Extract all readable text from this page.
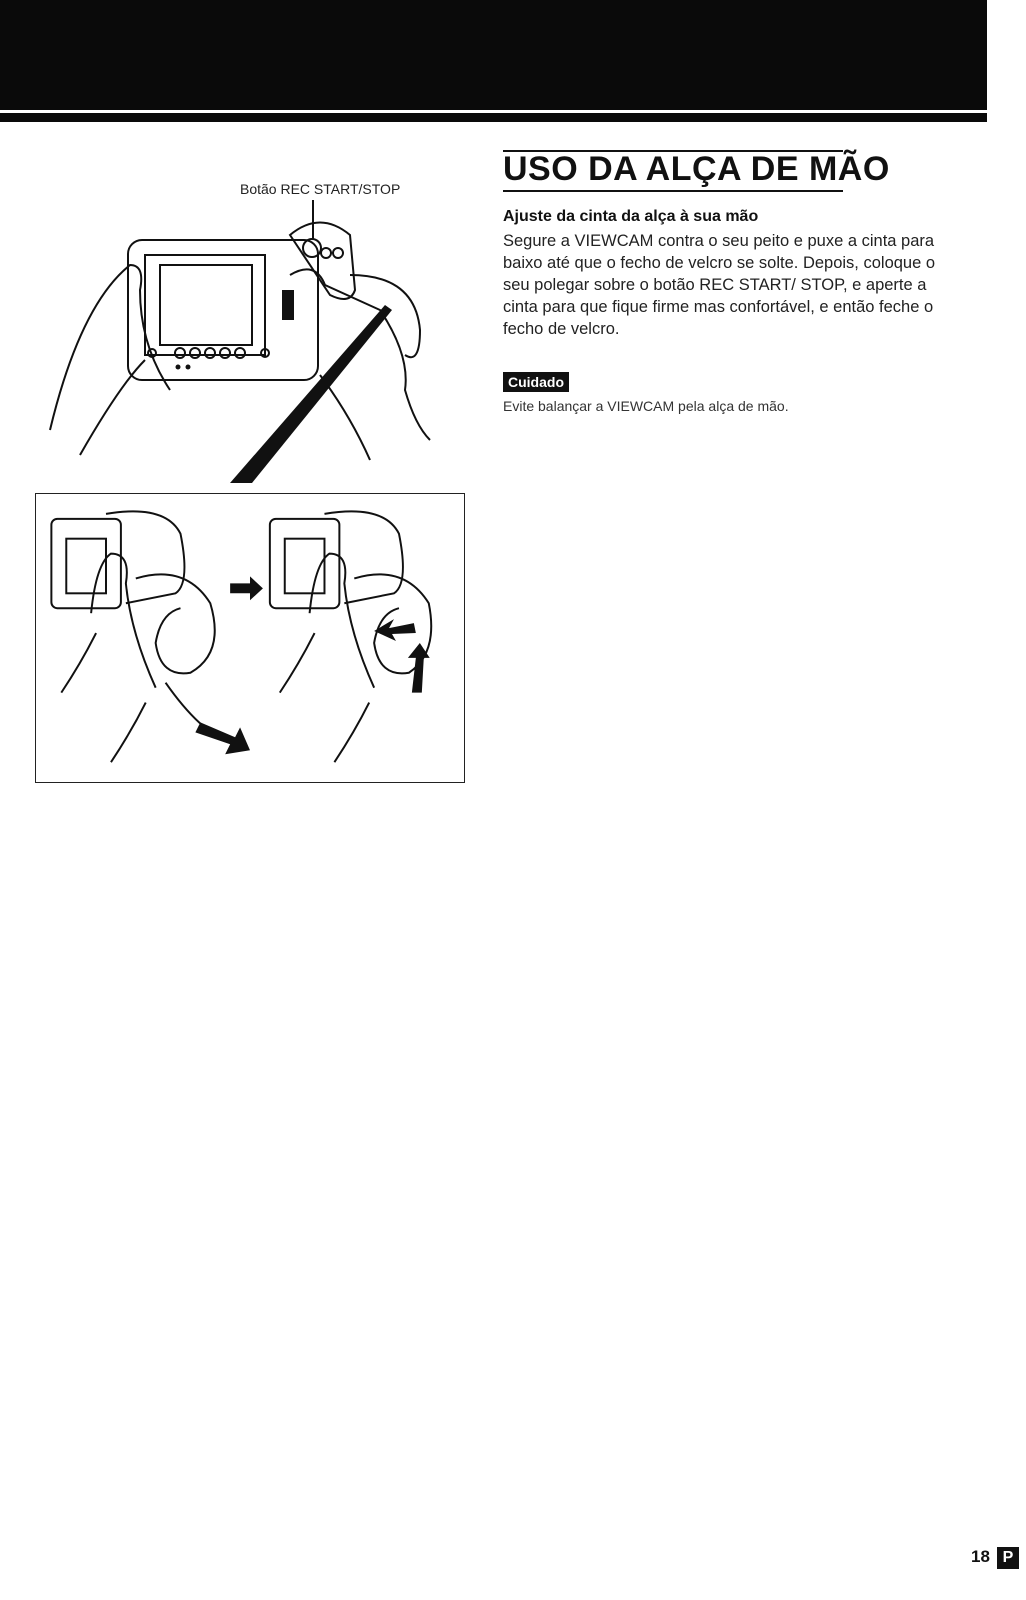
Botão REC START/STOP
USO DA ALÇA DE MÃO
Ajuste da cinta da alça à sua mão
Segure a VIEWCAM contra o seu peito e puxe a cinta para baixo até que o fecho de velcro se solte. Depois, coloque o seu polegar sobre o botão REC START/ STOP, e aperte a cinta para que fique firme mas confortável, e então feche o fecho de velcro.
Cuidado
Evite balançar a VIEWCAM pela alça de mão.
18 P
